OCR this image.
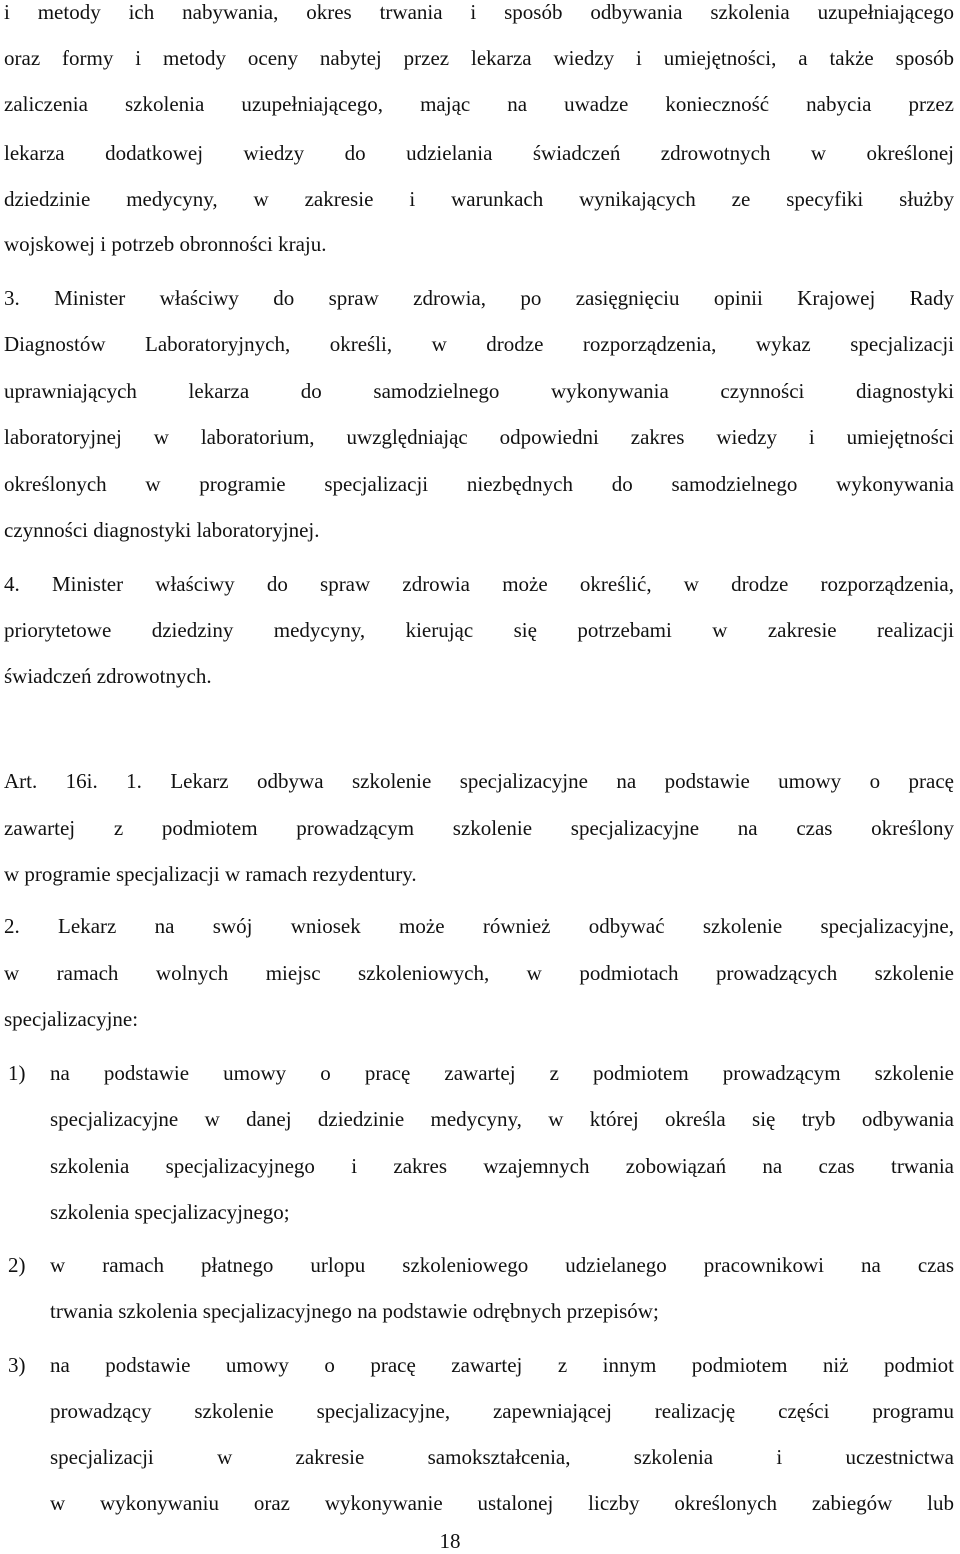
i metody ich nabywania, okres trwania i sposób odbywania szkolenia uzupełniającego
oraz formy i metody oceny nabytej przez lekarza wiedzy i umiejętności, a także sposób
zaliczenia szkolenia uzupełniającego, mając na uwadze konieczność nabycia przez
lekarza dodatkowej wiedzy do udzielania świadczeń zdrowotnych w określonej
dziedzinie medycyny, w zakresie i warunkach wynikających ze specyfiki służby
wojskowej i potrzeb obronności kraju.
3. Minister właściwy do spraw zdrowia, po zasięgnięciu opinii Krajowej Rady
Diagnostów Laboratoryjnych, określi, w drodze rozporządzenia, wykaz specjalizacji
uprawniających lekarza do samodzielnego wykonywania czynności diagnostyki
laboratoryjnej w laboratorium, uwzględniając odpowiedni zakres wiedzy i umiejętności
określonych w programie specjalizacji niezbędnych do samodzielnego wykonywania
czynności diagnostyki laboratoryjnej.
4. Minister właściwy do spraw zdrowia może określić, w drodze rozporządzenia,
priorytetowe dziedziny medycyny, kierując się potrzebami w zakresie realizacji
świadczeń zdrowotnych.
Art. 16i. 1. Lekarz odbywa szkolenie specjalizacyjne na podstawie umowy o pracę
zawartej z podmiotem prowadzącym szkolenie specjalizacyjne na czas określony
w programie specjalizacji w ramach rezydentury.
2. Lekarz na swój wniosek może również odbywać szkolenie specjalizacyjne,
w ramach wolnych miejsc szkoleniowych, w podmiotach prowadzących szkolenie
specjalizacyjne:
1) na podstawie umowy o pracę zawartej z podmiotem prowadzącym szkolenie
specjalizacyjne w danej dziedzinie medycyny, w której określa się tryb odbywania
szkolenia specjalizacyjnego i zakres wzajemnych zobowiązań na czas trwania
szkolenia specjalizacyjnego;
2) w ramach płatnego urlopu szkoleniowego udzielanego pracownikowi na czas
trwania szkolenia specjalizacyjnego na podstawie odrębnych przepisów;
3) na podstawie umowy o pracę zawartej z innym podmiotem niż podmiot
prowadzący szkolenie specjalizacyjne, zapewniającej realizację części programu
specjalizacji w zakresie samokształcenia, szkolenia i uczestnictwa
w wykonywaniu oraz wykonywanie ustalonej liczby określonych zabiegów lub
18
